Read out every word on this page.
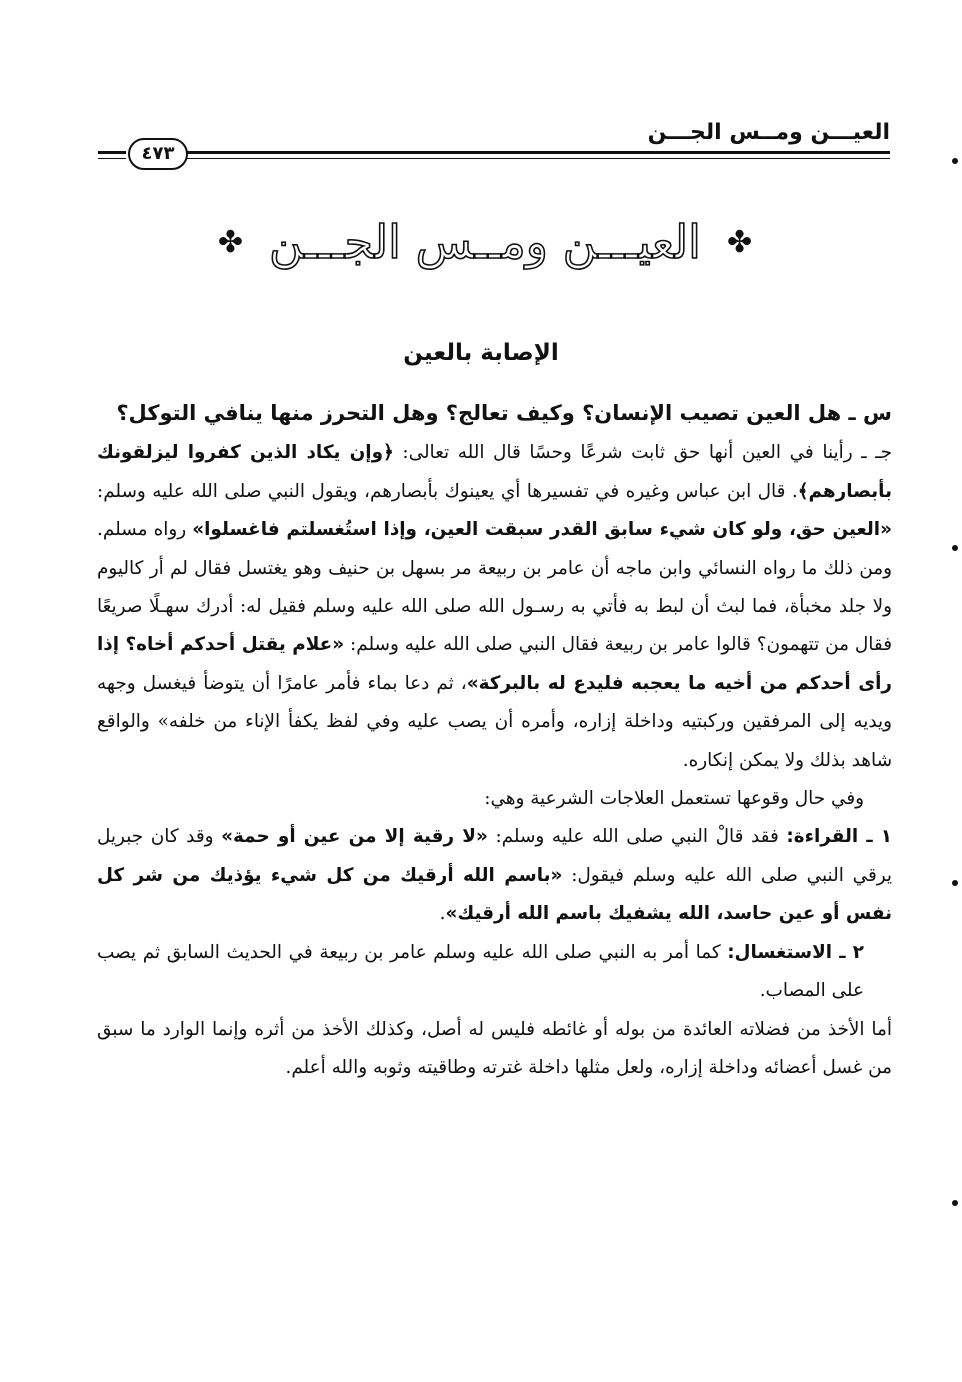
العيـــن ومــس الجـــن
٤٧٣
✤
العيـــن ومــس الجـــن
✤
الإصابة بالعين

س ـ هل العين تصيب الإنسان؟ وكيف تعالج؟ وهل التحرز منها ينافي التوكل؟

جـ ـ رأينا في العين أنها حق ثابت شرعًا وحسًا قال الله تعالى: ﴿وإن يكاد الذين كفروا ليزلقونك بأبصارهم﴾. قال ابن عباس وغيره في تفسيرها أي يعينوك بأبصارهم، ويقول النبي صلى الله عليه وسلم: «العين حق، ولو كان شيء سابق القدر سبقت العين، وإذا استُغسلتم فاغسلوا» رواه مسلم. ومن ذلك ما رواه النسائي وابن ماجه أن عامر بن ربيعة مر بسهل بن حنيف وهو يغتسل فقال لم أر كاليوم ولا جلد مخبأة، فما لبث أن لبط به فأتي به رسـول الله صلى الله عليه وسلم فقيل له: أدرك سهـلًا صريعًا فقال من تتهمون؟ قالوا عامر بن ربيعة فقال النبي صلى الله عليه وسلم: «علام يقتل أحدكم أخاه؟ إذا رأى أحدكم من أخيه ما يعجبه فليدع له بالبركة»، ثم دعا بماء فأمر عامرًا أن يتوضأ فيغسل وجهه ويديه إلى المرفقين وركبتيه وداخلة إزاره، وأمره أن يصب عليه وفي لفظ يكفأ الإناء من خلفه» والواقع شاهد بذلك ولا يمكن إنكاره.

وفي حال وقوعها تستعمل العلاجات الشرعية وهي:

١ ـ القراءة: فقد قالْ النبي صلى الله عليه وسلم: «لا رقية إلا من عين أو حمة» وقد كان جبريل يرقي النبي صلى الله عليه وسلم فيقول: «باسم الله أرقيك من كل شيء يؤذيك من شر كل نفس أو عين حاسد، الله يشفيك باسم الله أرقيك».

٢ ـ الاستغسال: كما أمر به النبي صلى الله عليه وسلم عامر بن ربيعة في الحديث السابق ثم يصب على المصاب.

أما الأخذ من فضلاته العائدة من بوله أو غائطه فليس له أصل، وكذلك الأخذ من أثره وإنما الوارد ما سبق من غسل أعضائه وداخلة إزاره، ولعل مثلها داخلة غترته وطاقيته وثوبه والله أعلم.
